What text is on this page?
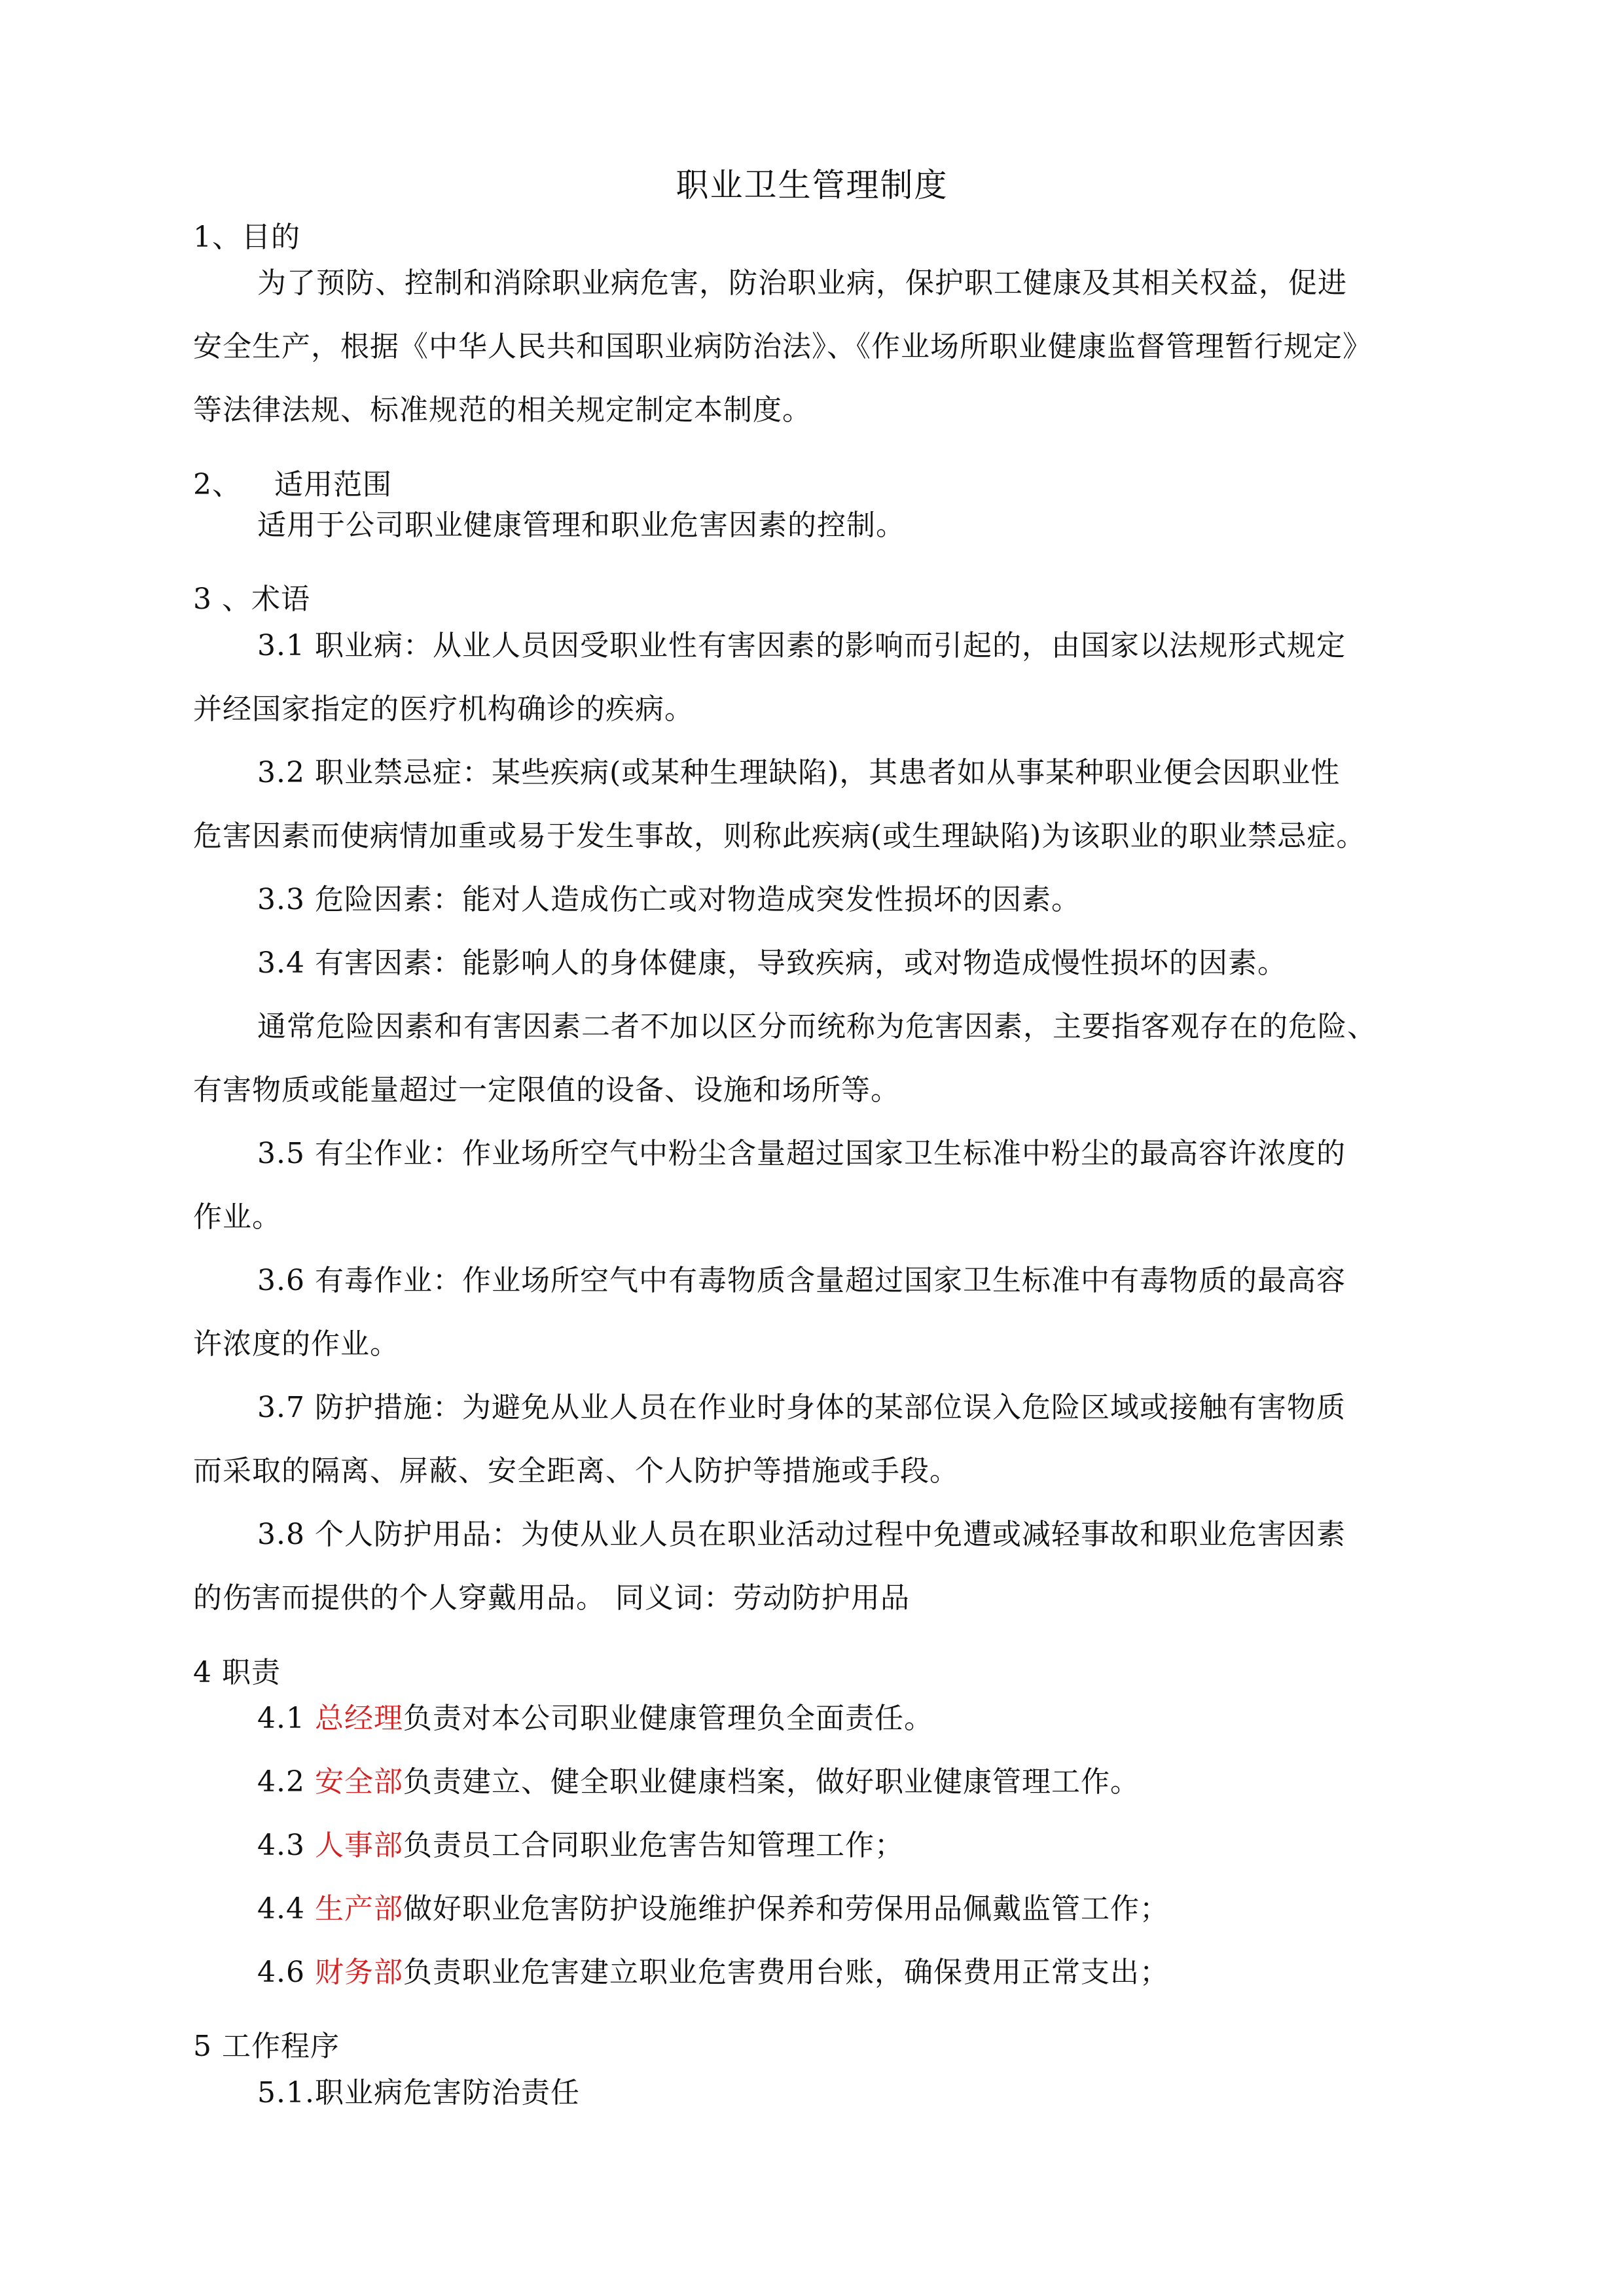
职业卫生管理制度
1、目的
为了预防、控制和消除职业病危害，防治职业病，保护职工健康及其相关权益，促进
安全生产，根据《中华人民共和国职业病防治法》、《作业场所职业健康监督管理暂行规定》
等法律法规、标准规范的相关规定制定本制度。
2、 适用范围
适用于公司职业健康管理和职业危害因素的控制。
3 、术语
3.1 职业病：从业人员因受职业性有害因素的影响而引起的，由国家以法规形式规定
并经国家指定的医疗机构确诊的疾病。
3.2 职业禁忌症：某些疾病(或某种生理缺陷)，其患者如从事某种职业便会因职业性
危害因素而使病情加重或易于发生事故，则称此疾病(或生理缺陷)为该职业的职业禁忌症。
3.3 危险因素：能对人造成伤亡或对物造成突发性损坏的因素。
3.4 有害因素：能影响人的身体健康，导致疾病，或对物造成慢性损坏的因素。
通常危险因素和有害因素二者不加以区分而统称为危害因素，主要指客观存在的危险、
有害物质或能量超过一定限值的设备、设施和场所等。
3.5 有尘作业：作业场所空气中粉尘含量超过国家卫生标准中粉尘的最高容许浓度的
作业。
3.6 有毒作业：作业场所空气中有毒物质含量超过国家卫生标准中有毒物质的最高容
许浓度的作业。
3.7 防护措施：为避免从业人员在作业时身体的某部位误入危险区域或接触有害物质
而采取的隔离、屏蔽、安全距离、个人防护等措施或手段。
3.8 个人防护用品：为使从业人员在职业活动过程中免遭或减轻事故和职业危害因素
的伤害而提供的个人穿戴用品。 同义词：劳动防护用品
4 职责
4.1 总经理负责对本公司职业健康管理负全面责任。
4.2 安全部负责建立、健全职业健康档案，做好职业健康管理工作。
4.3 人事部负责员工合同职业危害告知管理工作；
4.4 生产部做好职业危害防护设施维护保养和劳保用品佩戴监管工作；
4.6 财务部负责职业危害建立职业危害费用台账，确保费用正常支出；
5 工作程序
5.1.职业病危害防治责任
